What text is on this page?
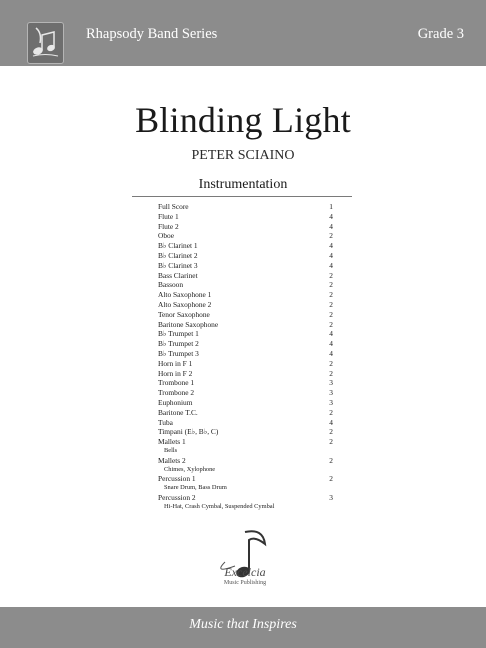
Rhapsody Band Series	Grade 3
Blinding Light
PETER SCIAINO
Instrumentation
Full Score	1
Flute 1	4
Flute 2	4
Oboe	2
B♭ Clarinet 1	4
B♭ Clarinet 2	4
B♭ Clarinet 3	4
Bass Clarinet	2
Bassoon	2
Alto Saxophone 1	2
Alto Saxophone 2	2
Tenor Saxophone	2
Baritone Saxophone	2
B♭ Trumpet 1	4
B♭ Trumpet 2	4
B♭ Trumpet 3	4
Horn in F 1	2
Horn in F 2	2
Trombone 1	3
Trombone 2	3
Euphonium	3
Baritone T.C.	2
Tuba	4
Timpani (E♭, B♭, C)	2
Mallets 1	2
Bells
Mallets 2	2
Chimes, Xylophone
Percussion 1	2
Snare Drum, Bass Drum
Percussion 2	3
Hi-Hat, Crash Cymbal, Suspended Cymbal
Excelcia
Music Publishing
Music that Inspires
